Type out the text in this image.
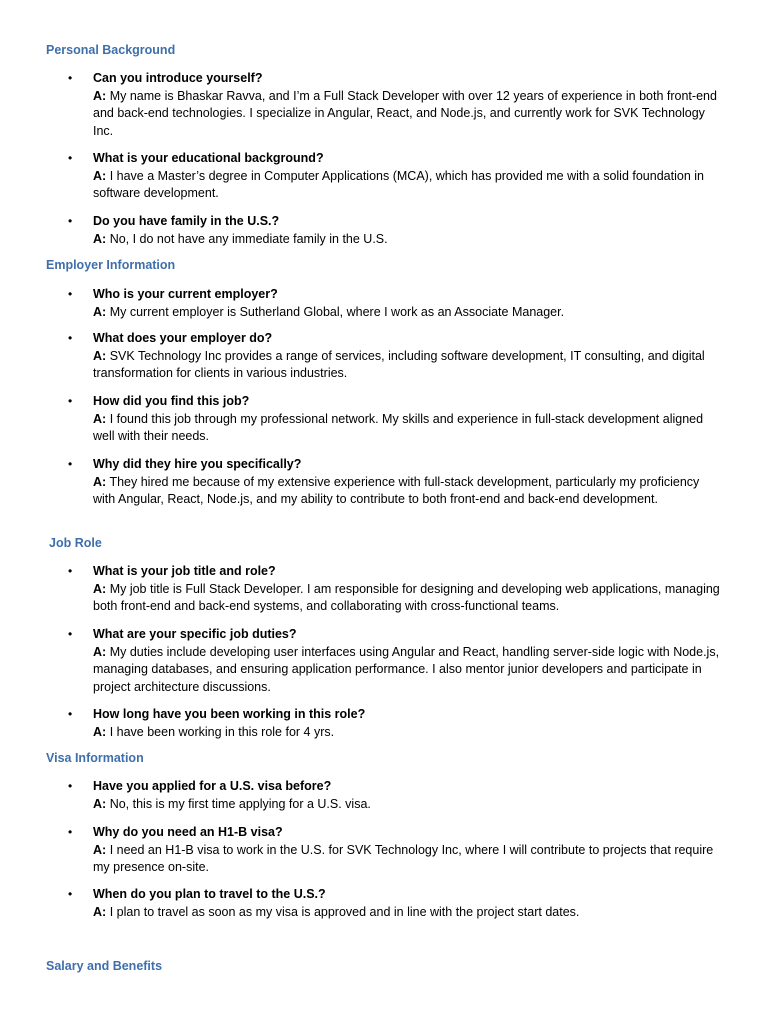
Personal Background
• Can you introduce yourself?
A: My name is Bhaskar Ravva, and I’m a Full Stack Developer with over 12 years of experience in both front-end and back-end technologies. I specialize in Angular, React, and Node.js, and currently work for SVK Technology Inc.
• What is your educational background?
A: I have a Master’s degree in Computer Applications (MCA), which has provided me with a solid foundation in software development.
• Do you have family in the U.S.?
A: No, I do not have any immediate family in the U.S.
Employer Information
• Who is your current employer?
A: My current employer is Sutherland Global, where I work as an Associate Manager.
• What does your employer do?
A: SVK Technology Inc provides a range of services, including software development, IT consulting, and digital transformation for clients in various industries.
• How did you find this job?
A: I found this job through my professional network. My skills and experience in full-stack development aligned well with their needs.
• Why did they hire you specifically?
A: They hired me because of my extensive experience with full-stack development, particularly my proficiency with Angular, React, Node.js, and my ability to contribute to both front-end and back-end development.
Job Role
• What is your job title and role?
A: My job title is Full Stack Developer. I am responsible for designing and developing web applications, managing both front-end and back-end systems, and collaborating with cross-functional teams.
• What are your specific job duties?
A: My duties include developing user interfaces using Angular and React, handling server-side logic with Node.js, managing databases, and ensuring application performance. I also mentor junior developers and participate in project architecture discussions.
• How long have you been working in this role?
A: I have been working in this role for 4 yrs.
Visa Information
• Have you applied for a U.S. visa before?
A: No, this is my first time applying for a U.S. visa.
• Why do you need an H1-B visa?
A: I need an H1-B visa to work in the U.S. for SVK Technology Inc, where I will contribute to projects that require my presence on-site.
• When do you plan to travel to the U.S.?
A: I plan to travel as soon as my visa is approved and in line with the project start dates.
Salary and Benefits
